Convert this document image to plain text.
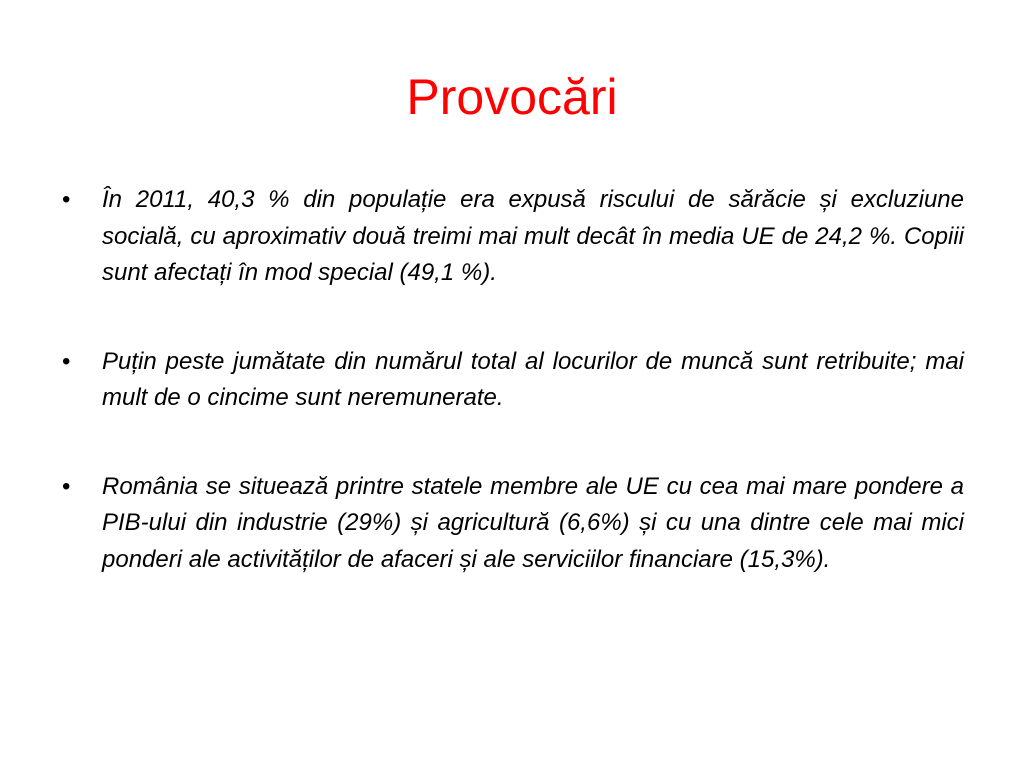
Provocări
•	În 2011, 40,3 % din populație era expusă riscului de sărăcie și excluziune socială, cu aproximativ două treimi mai mult decât în media UE de 24,2 %. Copiii sunt afectați în mod special (49,1 %).
•	Puțin peste jumătate din numărul total al locurilor de muncă sunt retribuite; mai mult de o cincime sunt neremunerate.
•	România se situează printre statele membre ale UE cu cea mai mare pondere a PIB-ului din industrie (29%) și agricultură (6,6%) și cu una dintre cele mai mici ponderi ale activităților de afaceri și ale serviciilor financiare (15,3%).
